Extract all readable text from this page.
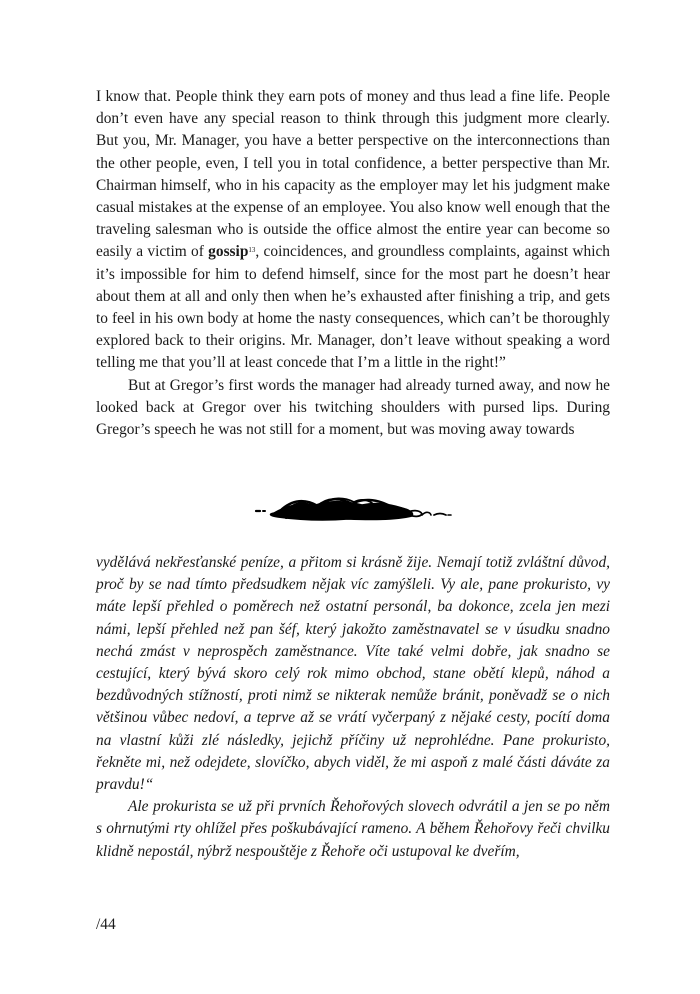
I know that. People think they earn pots of money and thus lead a fine life. People don’t even have any special reason to think through this judgment more clearly. But you, Mr. Manager, you have a better perspective on the interconnections than the other people, even, I tell you in total confidence, a better perspective than Mr. Chairman himself, who in his capacity as the employer may let his judgment make casual mistakes at the expense of an employee. You also know well enough that the traveling salesman who is outside the office almost the entire year can become so easily a victim of gossip$^{13}$, coincidences, and groundless complaints, against which it’s impossible for him to defend himself, since for the most part he doesn’t hear about them at all and only then when he’s exhausted after finishing a trip, and gets to feel in his own body at home the nasty consequences, which can’t be thoroughly explored back to their origins. Mr. Manager, don’t leave without speaking a word telling me that you’ll at least concede that I’m a little in the right!”

But at Gregor’s first words the manager had already turned away, and now he looked back at Gregor over his twitching shoulders with pursed lips. During Gregor’s speech he was not still for a moment, but was moving away towards

vydělává nekřesťanské peníze, a přitom si krásně žije. Nemají totiž zvláštní důvod, proč by se nad tímto předsudkem nějak víc zamýšleli. Vy ale, pane prokuristo, vy máte lepší přehled o poměrech než ostatní personál, ba dokonce, zcela jen mezi námi, lepší přehled než pan šéf, který jakožto zaměstnavatel se v úsudku snadno nechá zmást v neprospěch zaměstnance. Víte také velmi dobře, jak snadno se cestující, který bývá skoro celý rok mimo obchod, stane obětí klepů, náhod a bezdůvodných stížností, proti nimž se nikterak nemůže bránit, poněvadž se o nich většinou vůbec nedoví, a teprve až se vrátí vyčerpaný z nějaké cesty, pocítí doma na vlastní kůži zlé následky, jejichž příčiny už neprohlédne. Pane prokuristo, řekněte mi, než odejdete, slovíčko, abych viděl, že mi aspoň z malé části dáváte za pravdu!“

Ale prokurista se už při prvních Řehořových slovech odvrátil a jen se po něm s ohrnutými rty ohlížel přes poškubávající rameno. A během Řehořovy řeči chvilku klidně nepostál, nýbrž nespouštěje z Řehoře oči ustupoval ke dveřím,

/44
